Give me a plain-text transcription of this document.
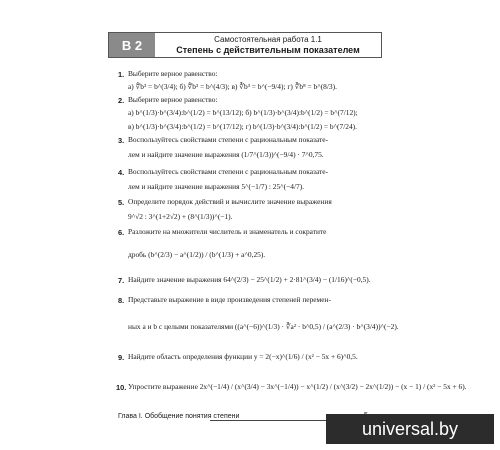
В 2	Самостоятельная работа 1.1
Степень с действительным показателем
1. Выберите верное равенство:
а) ∜b³ = b^(3/4); б) ∜b³ = b^(4/3); в) ∛b³ = b^(−9/4); г) ∛b⁸ = b^(8/3).
2. Выберите верное равенство:
а) b^(1/3)·b^(3/4):b^(1/2) = b^(13/12); б) b^(1/3)·b^(3/4):b^(1/2) = b^(7/12);
в) b^(1/3)·b^(3/4):b^(1/2) = b^(17/12); г) b^(1/3)·b^(3/4):b^(1/2) = b^(7/24).
3. Воспользуйтесь свойствами степени с рациональным показате-
лем и найдите значение выражения (1/7^(1/3))^(−9/4) · 7^0,75.
4. Воспользуйтесь свойствами степени с рациональным показате-
лем и найдите значение выражения 5^(−1/7) : 25^(−4/7).
5. Определите порядок действий и вычислите значение выражения
9^√2 : 3^(1+2√2) + (8^(1/3))^(−1).
6. Разложите на множители числитель и знаменатель и сократите
дробь (b^(2/3) − a^(1/2)) / (b^(1/3) + a^0,25).
7. Найдите значение выражения 64^(2/3) − 25^(1/2) + 2·81^(3/4) − (1/16)^(−0,5).
8. Представьте выражение в виде произведения степеней перемен-
ных a и b с целыми показателями ((a^(−6))^(1/3) · ∛a² · b^0,5) / (a^(2/3) · b^(3/4))^(−2).
9. Найдите область определения функции y = 2(−x)^(1/6) / (x² − 5x + 6)^0,5.
10. Упростите выражение 2x^(−1/4) / (x^(3/4) − 3x^(−1/4)) − x^(1/2) / (x^(3/2) − 2x^(1/2)) − (x − 1) / (x² − 5x + 6).
Глава I. Обобщение понятия степени
universal.by
